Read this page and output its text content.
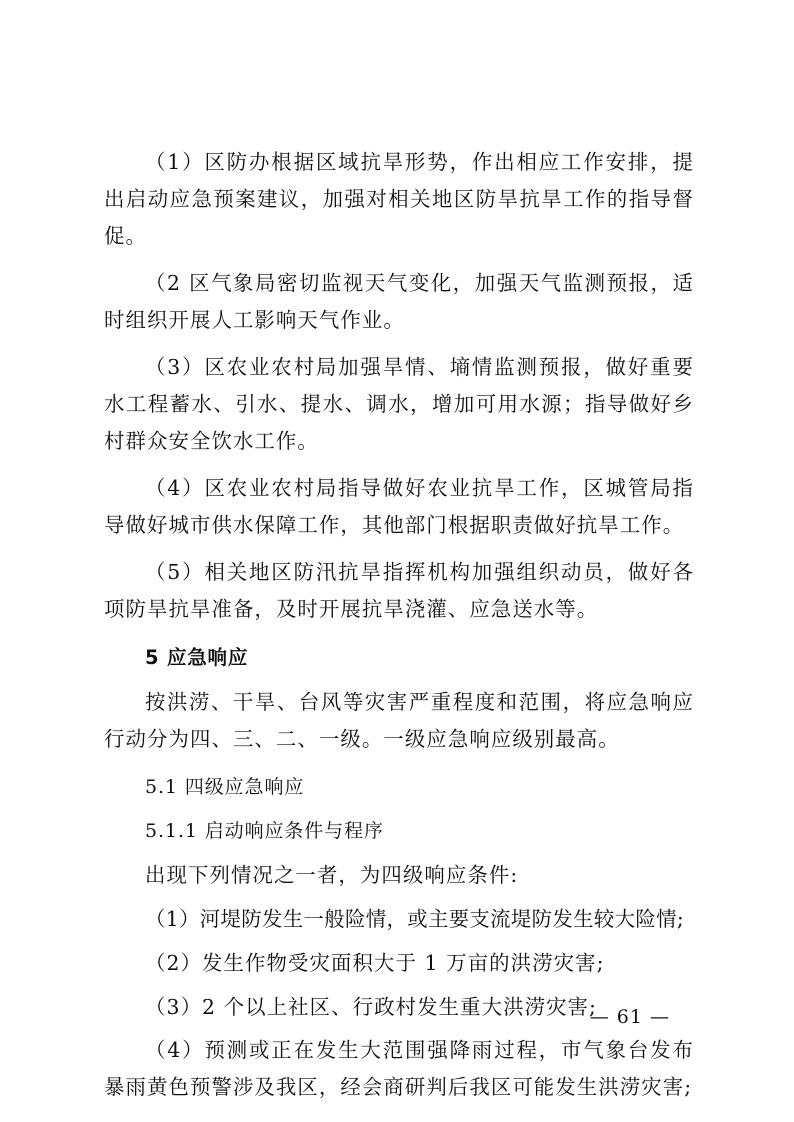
（1）区防办根据区域抗旱形势，作出相应工作安排，提出启动应急预案建议，加强对相关地区防旱抗旱工作的指导督促。

（2 区气象局密切监视天气变化，加强天气监测预报，适时组织开展人工影响天气作业。

（3）区农业农村局加强旱情、墒情监测预报，做好重要水工程蓄水、引水、提水、调水，增加可用水源；指导做好乡村群众安全饮水工作。

（4）区农业农村局指导做好农业抗旱工作，区城管局指导做好城市供水保障工作，其他部门根据职责做好抗旱工作。

（5）相关地区防汛抗旱指挥机构加强组织动员，做好各项防旱抗旱准备，及时开展抗旱浇灌、应急送水等。

5 应急响应

按洪涝、干旱、台风等灾害严重程度和范围，将应急响应行动分为四、三、二、一级。一级应急响应级别最高。

5.1 四级应急响应
5.1.1 启动响应条件与程序
出现下列情况之一者，为四级响应条件:
（1）河堤防发生一般险情，或主要支流堤防发生较大险情;
（2）发生作物受灾面积大于 1 万亩的洪涝灾害;
（3）2 个以上社区、行政村发生重大洪涝灾害;

（4）预测或正在发生大范围强降雨过程，市气象台发布暴雨黄色预警涉及我区，经会商研判后我区可能发生洪涝灾害;

— 61 —
